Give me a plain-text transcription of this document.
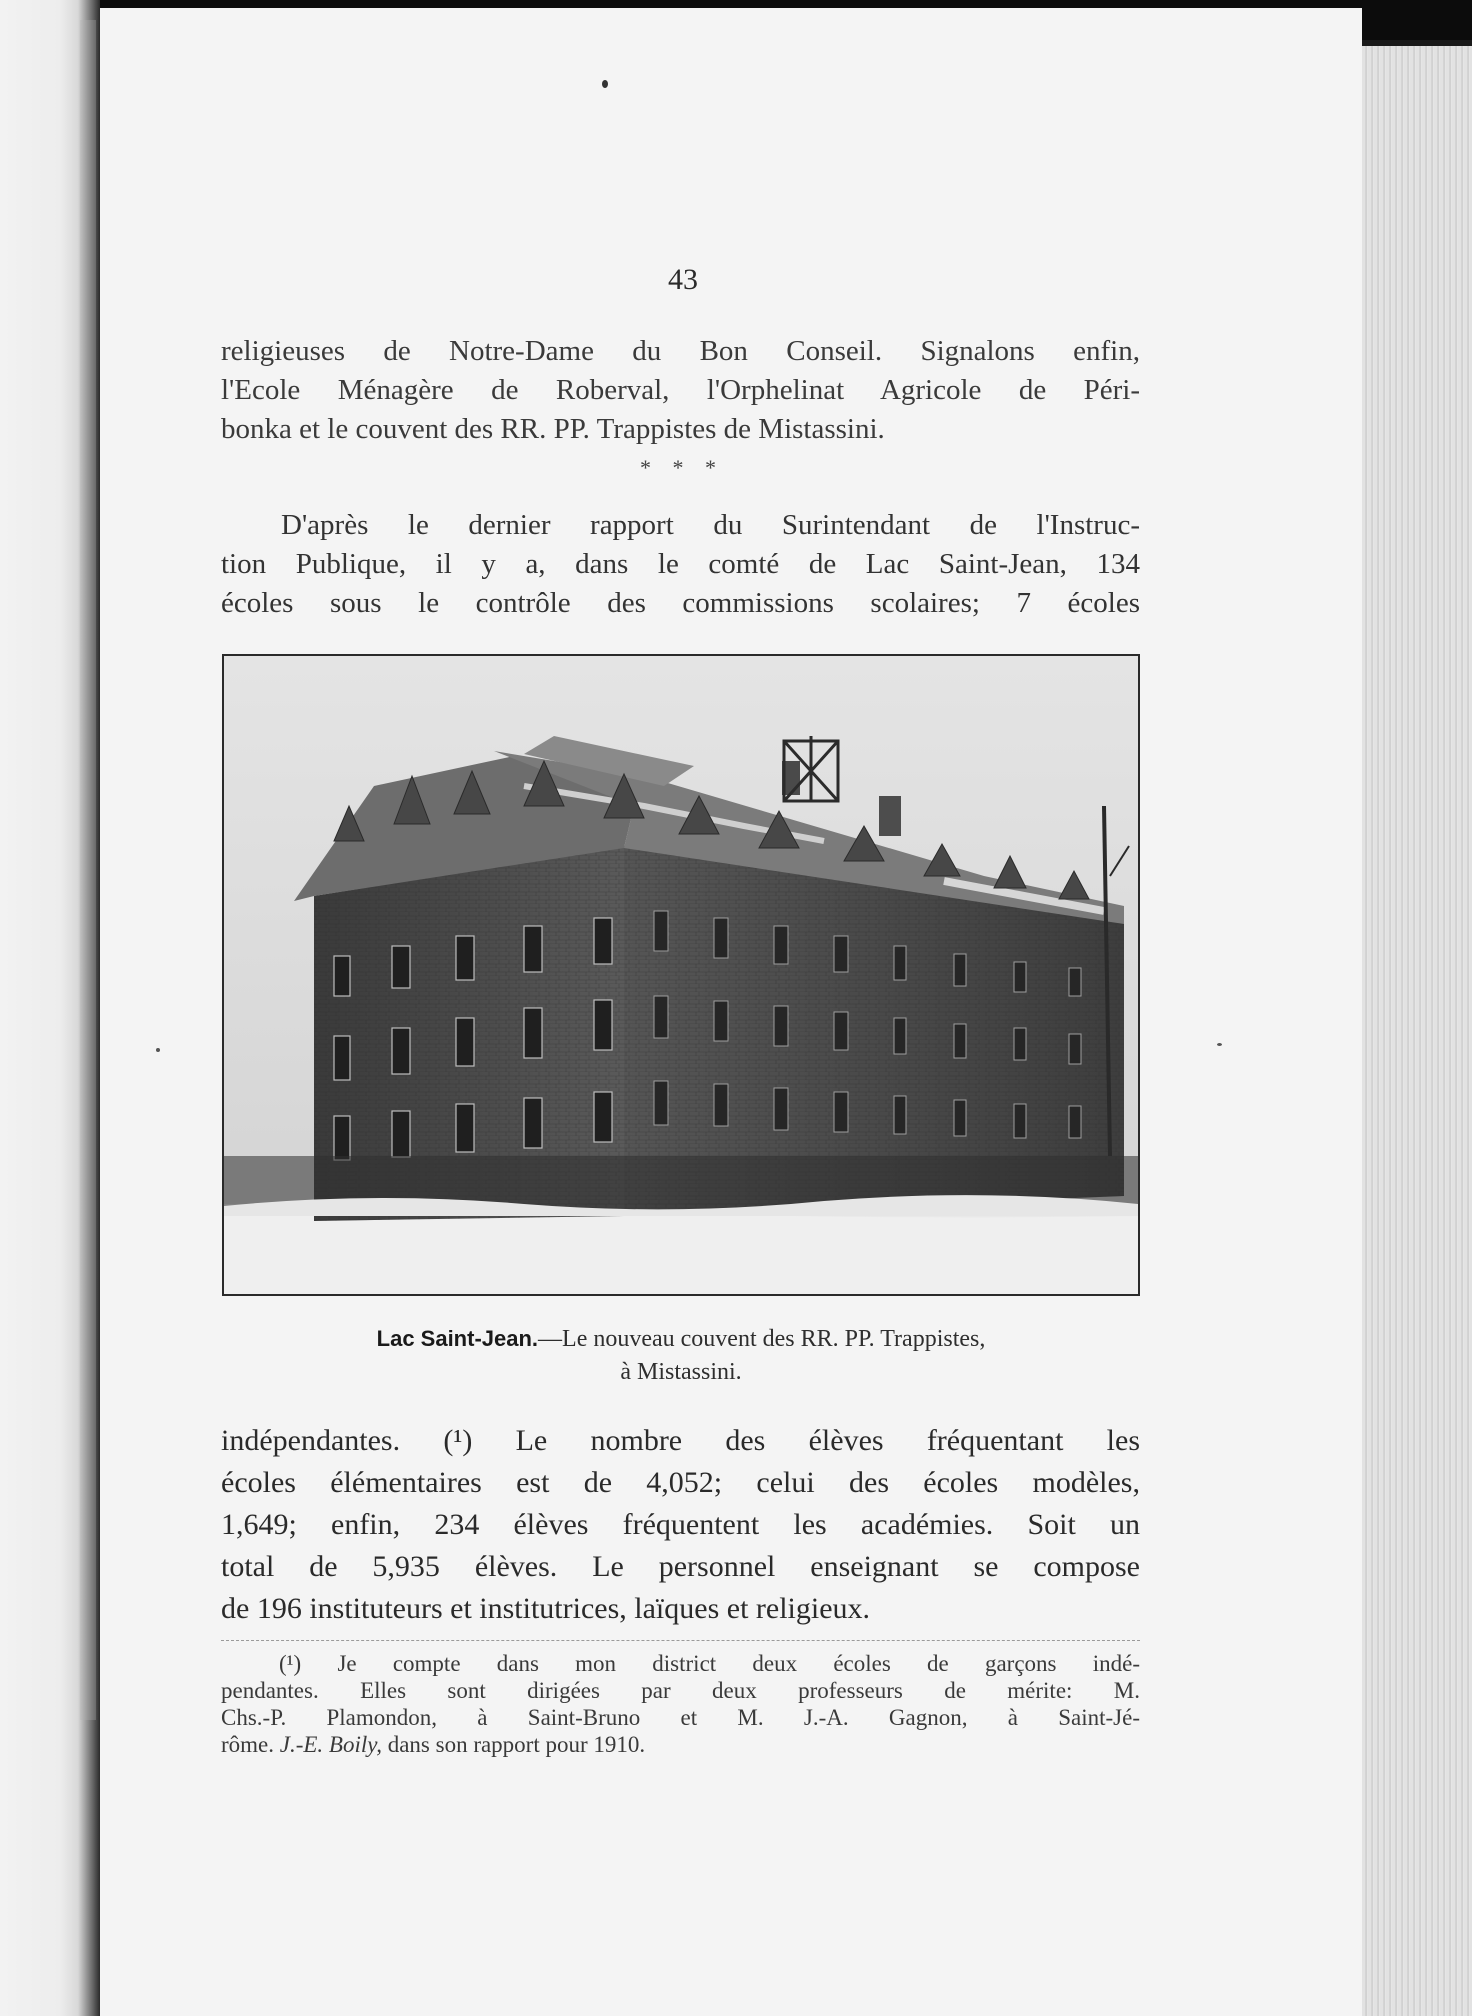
43
religieuses de Notre-Dame du Bon Conseil. Signalons enfin,
l'Ecole Ménagère de Roberval, l'Orphelinat Agricole de Péri-
bonka et le couvent des RR. PP. Trappistes de Mistassini.
* * *
D'après le dernier rapport du Surintendant de l'Instruc-
tion Publique, il y a, dans le comté de Lac Saint-Jean, 134
écoles sous le contrôle des commissions scolaires; 7 écoles
Lac Saint-Jean.—Le nouveau couvent des RR. PP. Trappistes,
à Mistassini.
indépendantes. (¹) Le nombre des élèves fréquentant les
écoles élémentaires est de 4,052; celui des écoles modèles,
1,649; enfin, 234 élèves fréquentent les académies. Soit un
total de 5,935 élèves. Le personnel enseignant se compose
de 196 instituteurs et institutrices, laïques et religieux.
(¹) Je compte dans mon district deux écoles de garçons indé-
pendantes. Elles sont dirigées par deux professeurs de mérite: M.
Chs.-P. Plamondon, à Saint-Bruno et M. J.-A. Gagnon, à Saint-Jé-
rôme. J.-E. Boily, dans son rapport pour 1910.
